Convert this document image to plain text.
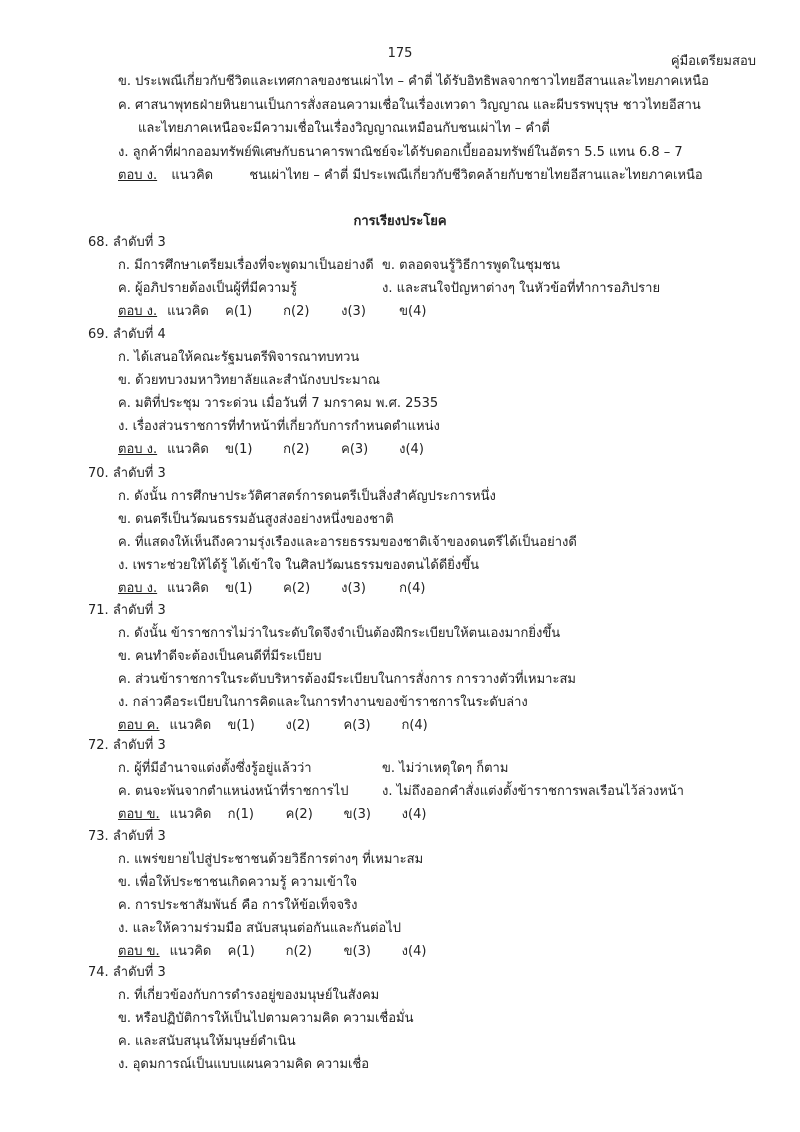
175
คู่มือเตรียมสอบ
ข. ประเพณีเกี่ยวกับชีวิตและเทศกาลของชนเผ่าไท – คำตี่ ได้รับอิทธิพลจากชาวไทยอีสานและไทยภาคเหนือ
ค. ศาสนาพุทธฝ่ายหินยานเป็นการสั่งสอนความเชื่อในเรื่องเทวดา วิญญาณ และผีบรรพบุรุษ ชาวไทยอีสาน
และไทยภาคเหนือจะมีความเชื่อในเรื่องวิญญาณเหมือนกับชนเผ่าไท – คำตี่
ง. ลูกค้าที่ฝากออมทรัพย์พิเศษกับธนาคารพาณิชย์จะได้รับดอกเบี้ยออมทรัพย์ในอัตรา 5.5 แทน 6.8 – 7
ตอบ ง. แนวคิด	ชนเผ่าไทย – คำตี่ มีประเพณีเกี่ยวกับชีวิตคล้ายกับชายไทยอีสานและไทยภาคเหนือ
การเรียงประโยค
68. ลำดับที่ 3
ก. มีการศึกษาเตรียมเรื่องที่จะพูดมาเป็นอย่างดี ข. ตลอดจนรู้วิธีการพูดในชุมชน
ค. ผู้อภิปรายต้องเป็นผู้ที่มีความรู้	ง. และสนใจปัญหาต่างๆ ในหัวข้อที่ทำการอภิปราย
ตอบ ง. แนวคิด ค(1) ก(2) ง(3)	ข(4)
69. ลำดับที่ 4
ก. ได้เสนอให้คณะรัฐมนตรีพิจารณาทบทวน
ข. ด้วยทบวงมหาวิทยาลัยและสำนักงบประมาณ
ค. มติที่ประชุม วาระด่วน เมื่อวันที่ 7 มกราคม พ.ศ. 2535
ง. เรื่องส่วนราชการที่ทำหน้าที่เกี่ยวกับการกำหนดตำแหน่ง
ตอบ ง. แนวคิด ข(1) ก(2) ค(3) ง(4)
70. ลำดับที่ 3
ก. ดังนั้น การศึกษาประวัติศาสตร์การดนตรีเป็นสิ่งสำคัญประการหนึ่ง
ข. ดนตรีเป็นวัฒนธรรมอันสูงส่งอย่างหนึ่งของชาติ
ค. ที่แสดงให้เห็นถึงความรุ่งเรืองและอารยธรรมของชาติเจ้าของดนตรีได้เป็นอย่างดี
ง. เพราะช่วยให้ได้รู้ ได้เข้าใจ ในศิลปวัฒนธรรมของตนได้ดียิ่งขึ้น
ตอบ ง. แนวคิด ข(1) ค(2) ง(3)	ก(4)
71. ลำดับที่ 3
ก. ดังนั้น ข้าราชการไม่ว่าในระดับใดจึงจำเป็นต้องฝึกระเบียบให้ตนเองมากยิ่งขึ้น
ข. คนทำดีจะต้องเป็นคนดีที่มีระเบียบ
ค. ส่วนข้าราชการในระดับบริหารต้องมีระเบียบในการสั่งการ การวางตัวที่เหมาะสม
ง. กล่าวคือระเบียบในการคิดและในการทำงานของข้าราชการในระดับล่าง
ตอบ ค. แนวคิด ข(1) ง(2)	ค(3) ก(4)
72. ลำดับที่ 3
ก. ผู้ที่มีอำนาจแต่งตั้งซึ่งรู้อยู่แล้วว่า	ข. ไม่ว่าเหตุใดๆ ก็ตาม
ค. ตนจะพ้นจากตำแหน่งหน้าที่ราชการไป	ง. ไม่ถึงออกคำสั่งแต่งตั้งข้าราชการพลเรือนไว้ล่วงหน้า
ตอบ ข. แนวคิด ก(1) ค(2) ข(3) ง(4)
73. ลำดับที่ 3
ก. แพร่ขยายไปสู่ประชาชนด้วยวิธีการต่างๆ ที่เหมาะสม
ข. เพื่อให้ประชาชนเกิดความรู้ ความเข้าใจ
ค. การประชาสัมพันธ์ คือ การให้ข้อเท็จจริง
ง. และให้ความร่วมมือ สนับสนุนต่อกันและกันต่อไป
ตอบ ข. แนวคิด ค(1) ก(2) ข(3) ง(4)
74. ลำดับที่ 3
ก. ที่เกี่ยวข้องกับการดำรงอยู่ของมนุษย์ในสังคม
ข. หรือปฏิบัติการให้เป็นไปตามความคิด ความเชื่อมั่น
ค. และสนับสนุนให้มนุษย์ดำเนิน
ง. อุดมการณ์เป็นแบบแผนความคิด ความเชื่อ
